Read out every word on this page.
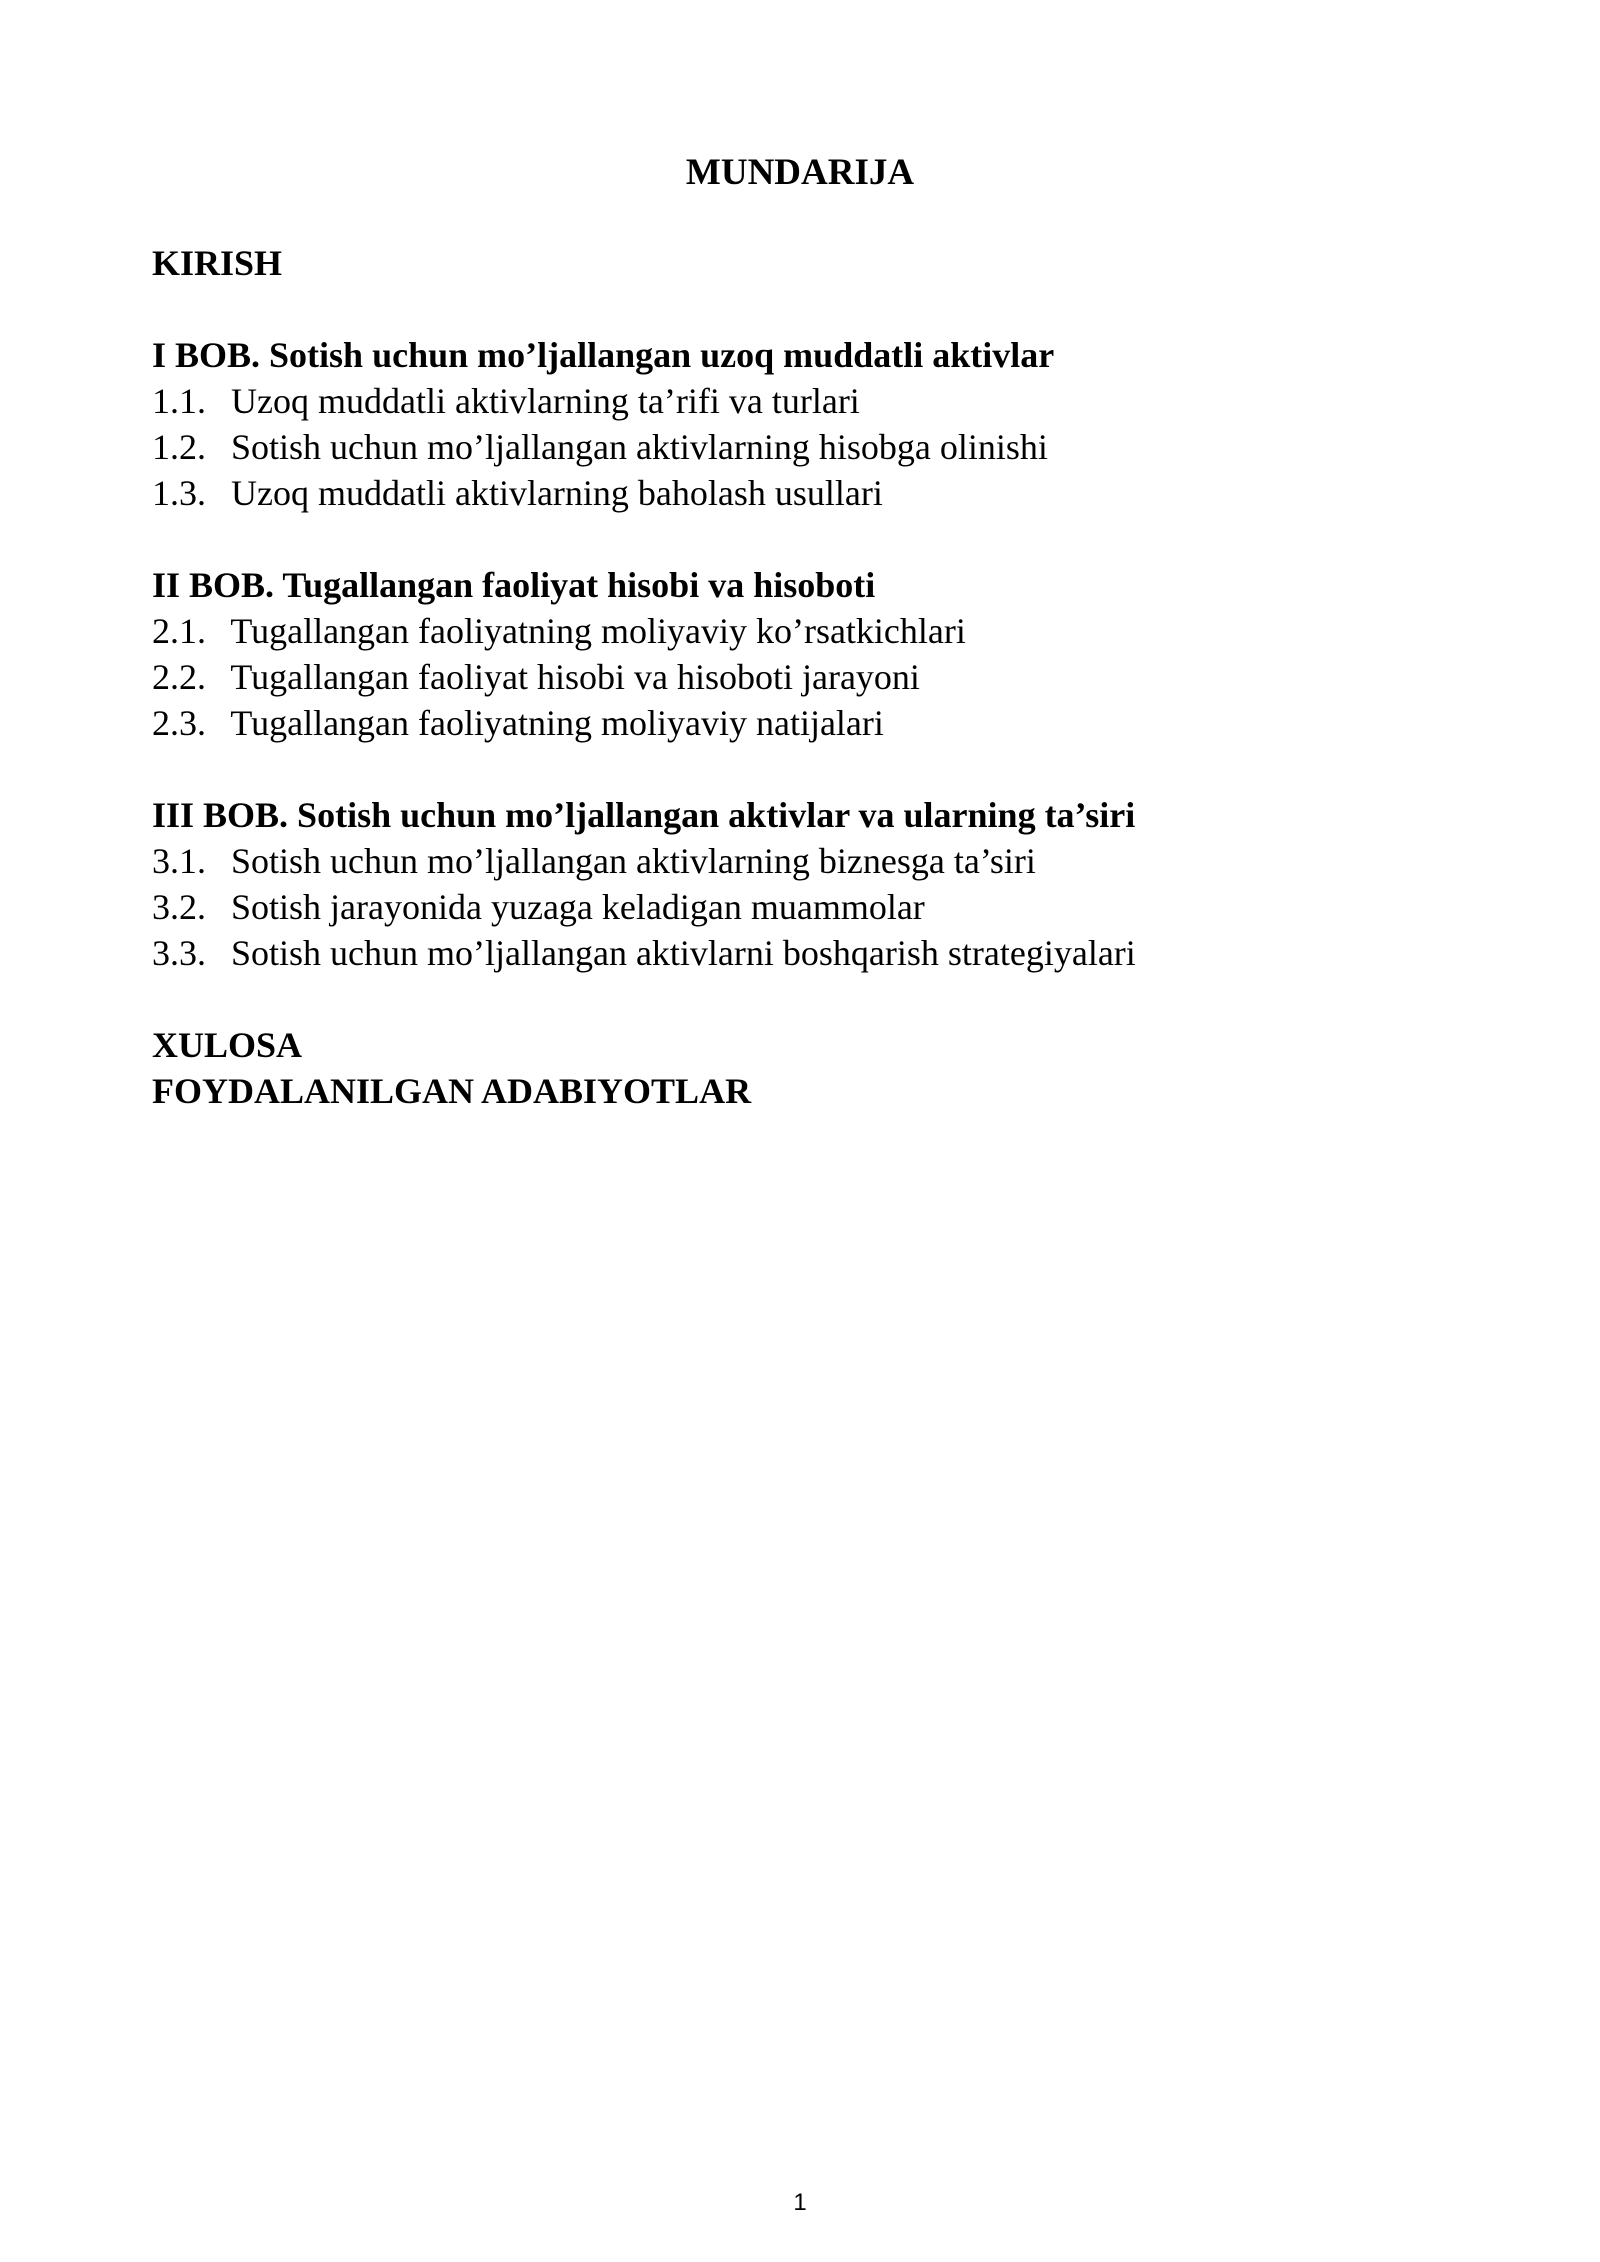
MUNDARIJA

KIRISH

I BOB. Sotish uchun mo’ljallangan uzoq muddatli aktivlar

1.1. Uzoq muddatli aktivlarning ta’rifi va turlari

1.2. Sotish uchun mo’ljallangan aktivlarning hisobga olinishi

1.3. Uzoq muddatli aktivlarning baholash usullari

II BOB. Tugallangan faoliyat hisobi va hisoboti

2.1. Tugallangan faoliyatning moliyaviy ko’rsatkichlari

2.2. Tugallangan faoliyat hisobi va hisoboti jarayoni

2.3. Tugallangan faoliyatning moliyaviy natijalari

III BOB. Sotish uchun mo’ljallangan aktivlar va ularning ta’siri

3.1. Sotish uchun mo’ljallangan aktivlarning biznesga ta’siri

3.2. Sotish jarayonida yuzaga keladigan muammolar

3.3. Sotish uchun mo’ljallangan aktivlarni boshqarish strategiyalari

XULOSA

FOYDALANILGAN ADABIYOTLAR

1
